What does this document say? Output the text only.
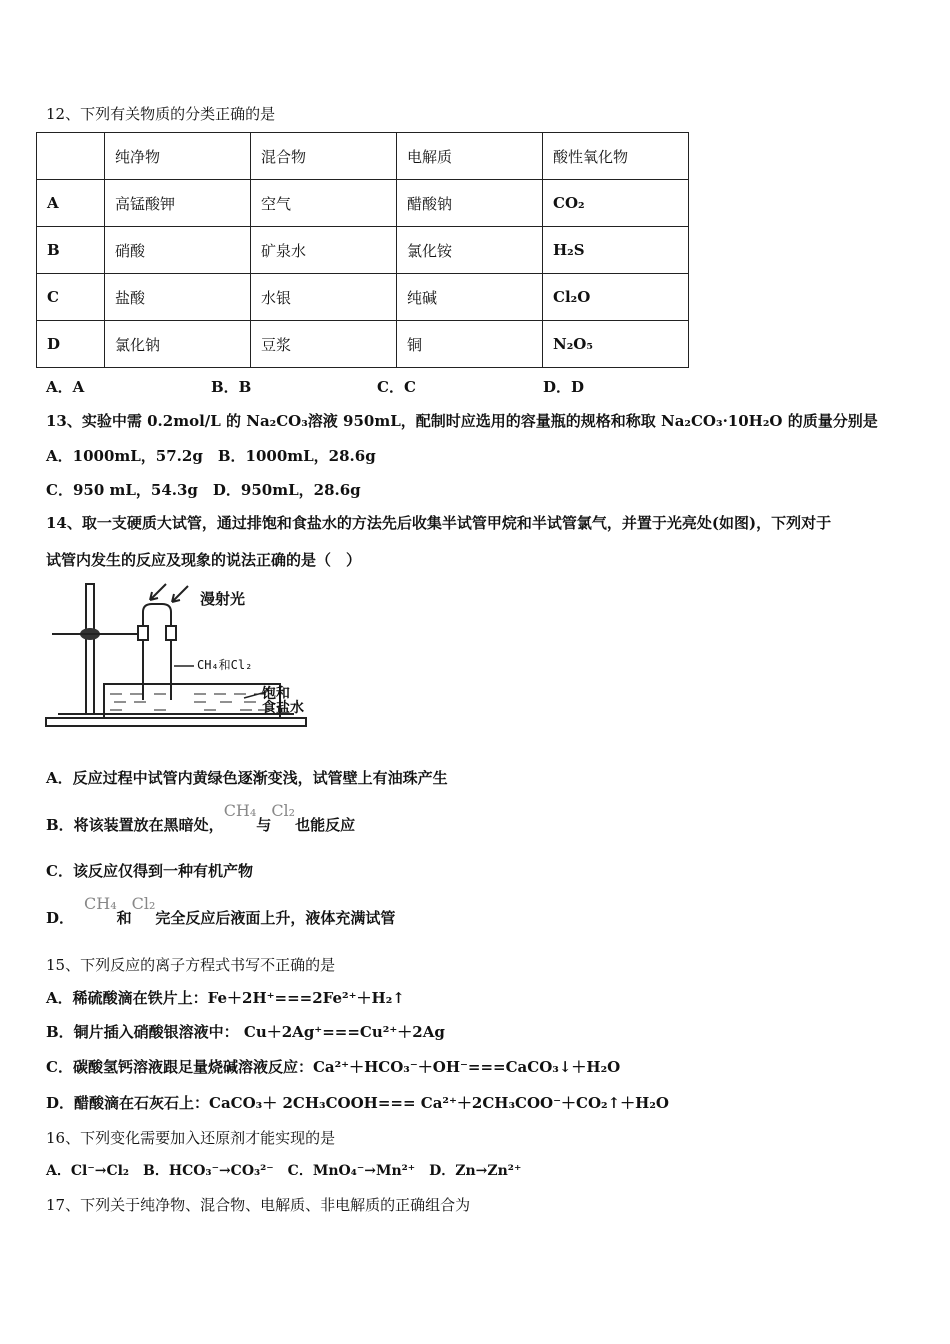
12、下列有关物质的分类正确的是
	纯净物	混合物	电解质	酸性氧化物
A	高锰酸钾	空气	醋酸钠	CO₂
B	硝酸	矿泉水	氯化铵	H₂S
C	盐酸	水银	纯碱	Cl₂O
D	氯化钠	豆浆	铜	N₂O₅
A．A	B．B	C．C	D．D
13、实验中需 0.2mol/L 的 Na₂CO₃溶液 950mL，配制时应选用的容量瓶的规格和称取 Na₂CO₃·10H₂O 的质量分别是
A．1000mL，57.2g　B．1000mL，28.6g
C．950 mL，54.3g　D．950mL，28.6g
14、取一支硬质大试管，通过排饱和食盐水的方法先后收集半试管甲烷和半试管氯气，并置于光亮处(如图)，下列对于
试管内发生的反应及现象的说法正确的是（　）
漫射光
CH₄和Cl₂
饱和
食盐水
A．反应过程中试管内黄绿色逐渐变浅，试管壁上有油珠产生
B．将该装置放在黑暗处，CH₄与Cl₂也能反应
C．该反应仅得到一种有机产物
D．CH₄和Cl₂完全反应后液面上升，液体充满试管
15、下列反应的离子方程式书写不正确的是
A．稀硫酸滴在铁片上：Fe＋2H⁺===2Fe²⁺＋H₂↑
B．铜片插入硝酸银溶液中： Cu＋2Ag⁺===Cu²⁺＋2Ag
C．碳酸氢钙溶液跟足量烧碱溶液反应：Ca²⁺＋HCO₃⁻＋OH⁻===CaCO₃↓＋H₂O
D．醋酸滴在石灰石上：CaCO₃＋ 2CH₃COOH=== Ca²⁺＋2CH₃COO⁻＋CO₂↑＋H₂O
16、下列变化需要加入还原剂才能实现的是
A．Cl⁻→Cl₂　B．HCO₃⁻→CO₃²⁻　C．MnO₄⁻→Mn²⁺　D．Zn→Zn²⁺
17、下列关于纯净物、混合物、电解质、非电解质的正确组合为
